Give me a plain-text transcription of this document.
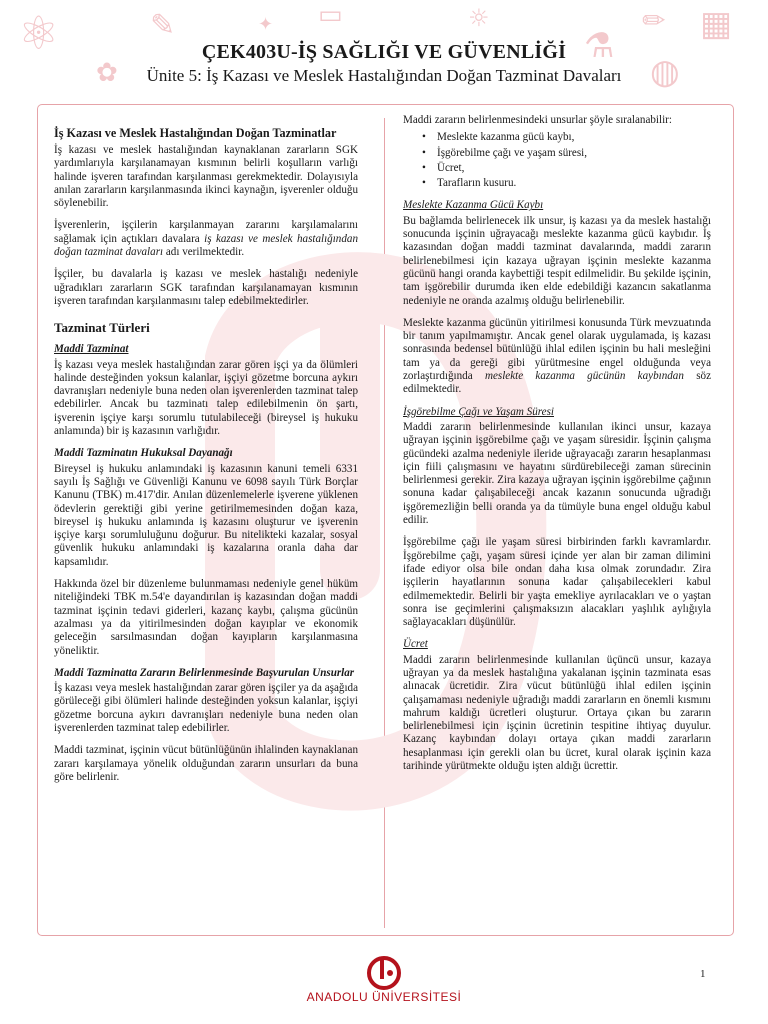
⚛
✿
✎	✦ ▭	☼
⚗
✏ ▦
◍
ÇEK403U-İŞ SAĞLIĞI VE GÜVENLİĞİ
Ünite 5: İş Kazası ve Meslek Hastalığından Doğan Tazminat Davaları
İş Kazası ve Meslek Hastalığından Doğan Tazminatlar

İş kazası ve meslek hastalığından kaynaklanan zararların SGK yardımlarıyla karşılanamayan kısmının belirli koşulların varlığı halinde işveren tarafından karşılanması gerekmektedir. Dolayısıyla anılan zararların karşılanmasında ikinci kaynağın, işverenler olduğu söylenebilir.

İşverenlerin, işçilerin karşılanmayan zararını karşılamalarını sağlamak için açtıkları davalara iş kazası ve meslek hastalığından doğan tazminat davaları adı verilmektedir.

İşçiler, bu davalarla iş kazası ve meslek hastalığı nedeniyle uğradıkları zararların SGK tarafından karşılanamayan kısmının işveren tarafından karşılanmasını talep edebilmektedirler.

Tazminat Türleri
Maddi Tazminat

İş kazası veya meslek hastalığından zarar gören işçi ya da ölümleri halinde desteğinden yoksun kalanlar, işçiyi gözetme borcuna aykırı davranışları nedeniyle buna neden olan işverenlerden tazminat talep edebilirler. Ancak bu tazminatı talep edilebilmenin ön şartı, işverenin işçiye karşı sorumlu tutulabileceği (bireysel iş hukuku anlamında) bir iş kazasının varlığıdır.

Maddi Tazminatın Hukuksal Dayanağı

Bireysel iş hukuku anlamındaki iş kazasının kanuni temeli 6331 sayılı İş Sağlığı ve Güvenliği Kanunu ve 6098 sayılı Türk Borçlar Kanunu (TBK) m.417'dir. Anılan düzenlemelerle işverene yüklenen ödevlerin gerektiği gibi yerine getirilmemesinden doğan kaza, bireysel iş hukuku anlamında iş kazasını oluşturur ve işverenin işçiye karşı sorumluluğunu doğurur. Bu nitelikteki kazalar, sosyal güvenlik hukuku anlamındaki iş kazalarına oranla daha dar kapsamlıdır.

Hakkında özel bir düzenleme bulunmaması nedeniyle genel hüküm niteliğindeki TBK m.54'e dayandırılan iş kazasından doğan maddi tazminat işçinin tedavi giderleri, kazanç kaybı, çalışma gücünün azalması ya da yitirilmesinden doğan kayıplar ve ekonomik geleceğin sarsılmasından doğan kayıpların karşılanmasına yöneliktir.

Maddi Tazminatta Zararın Belirlenmesinde Başvurulan Unsurlar

İş kazası veya meslek hastalığından zarar gören işçiler ya da aşağıda görüleceği gibi ölümleri halinde desteğinden yoksun kalanlar, işçiyi gözetme borcuna aykırı davranışları nedeniyle buna neden olan işverenlerden tazminat talep edebilirler.

Maddi tazminat, işçinin vücut bütünlüğünün ihlalinden kaynaklanan zararı karşılamaya yönelik olduğundan zararın unsurları da buna göre belirlenir.

Maddi zararın belirlenmesindeki unsurlar şöyle sıralanabilir:

• Meslekte kazanma gücü kaybı,
• İşgörebilme çağı ve yaşam süresi,
• Ücret,
• Tarafların kusuru.
Meslekte Kazanma Gücü Kaybı

Bu bağlamda belirlenecek ilk unsur, iş kazası ya da meslek hastalığı sonucunda işçinin uğrayacağı meslekte kazanma gücü kaybıdır. İş kazasından doğan maddi tazminat davalarında, maddi zararın belirlenebilmesi için kazaya uğrayan işçinin meslekte kazanma gücünü hangi oranda kaybettiği tespit edilmelidir. Bu şekilde işçinin, tam işgörebilir durumda iken elde edebildiği kazancın sakatlanma nedeniyle ne oranda azalmış olduğu belirlenebilir.

Meslekte kazanma gücünün yitirilmesi konusunda Türk mevzuatında bir tanım yapılmamıştır. Ancak genel olarak uygulamada, iş kazası sonrasında bedensel bütünlüğü ihlal edilen işçinin bu hali mesleğini tam ya da gereği gibi yürütmesine engel olduğunda veya zorlaştırdığında meslekte kazanma gücünün kaybından söz edilmektedir.

İşgörebilme Çağı ve Yaşam Süresi

Maddi zararın belirlenmesinde kullanılan ikinci unsur, kazaya uğrayan işçinin işgörebilme çağı ve yaşam süresidir. İşçinin çalışma gücündeki azalma nedeniyle ileride uğrayacağı zararın hesaplanması için fiili çalışmasını ve hayatını sürdürebileceği zaman sürecinin belirlenmesi gerekir. Zira kazaya uğrayan işçinin işgörebilme çağının sonuna kadar çalışabileceği ancak kazanın sonucunda uğradığı işgöremezliğin belli oranda ya da tümüyle buna engel olduğu kabul edilir.

İşgörebilme çağı ile yaşam süresi birbirinden farklı kavramlardır. İşgörebilme çağı, yaşam süresi içinde yer alan bir zaman dilimini ifade ediyor olsa bile ondan daha kısa olmak zorundadır. Zira işçilerin hayatlarının sonuna kadar çalışabilecekleri kabul edilmemektedir. Belirli bir yaşta emekliye ayrılacakları ve o yaştan sonra ise geçimlerini çalışmaksızın alacakları yaşlılık aylığıyla sağlayacakları düşünülür.

Ücret

Maddi zararın belirlenmesinde kullanılan üçüncü unsur, kazaya uğrayan ya da meslek hastalığına yakalanan işçinin tazminata esas alınacak ücretidir. Zira vücut bütünlüğü ihlal edilen işçinin çalışamaması nedeniyle uğradığı maddi zararların en önemli kısmını mahrum kaldığı ücretleri oluşturur. Ortaya çıkan bu zararın belirlenebilmesi için işçinin ücretinin tespitine ihtiyaç duyulur. Kazanç kaybından dolayı ortaya çıkan maddi zararların hesaplanması için gerekli olan bu ücret, kural olarak işçinin kaza tarihinde yürütmekte olduğu işten aldığı ücrettir.

1
ANADOLU ÜNİVERSİTESİ
